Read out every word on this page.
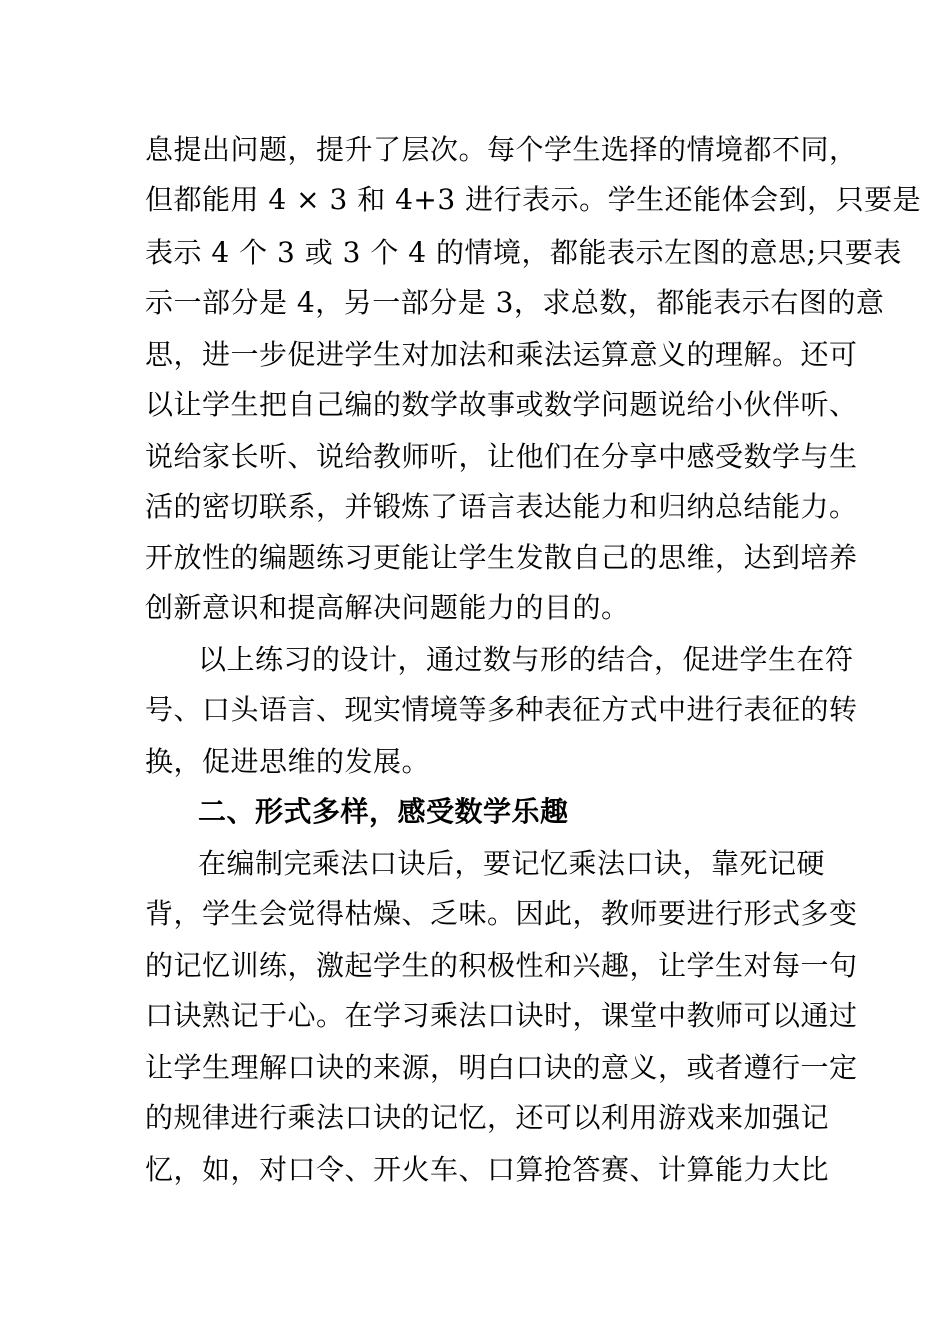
息提出问题，提升了层次。每个学生选择的情境都不同，
但都能用 4 × 3 和 4+3 进行表示。学生还能体会到，只要是
表示 4 个 3 或 3 个 4 的情境，都能表示左图的意思;只要表
示一部分是 4，另一部分是 3，求总数，都能表示右图的意
思，进一步促进学生对加法和乘法运算意义的理解。还可
以让学生把自己编的数学故事或数学问题说给小伙伴听、
说给家长听、说给教师听，让他们在分享中感受数学与生
活的密切联系，并锻炼了语言表达能力和归纳总结能力。
开放性的编题练习更能让学生发散自己的思维，达到培养
创新意识和提高解决问题能力的目的。
以上练习的设计，通过数与形的结合，促进学生在符
号、口头语言、现实情境等多种表征方式中进行表征的转
换，促进思维的发展。
二、形式多样，感受数学乐趣
在编制完乘法口诀后，要记忆乘法口诀，靠死记硬
背，学生会觉得枯燥、乏味。因此，教师要进行形式多变
的记忆训练，激起学生的积极性和兴趣，让学生对每一句
口诀熟记于心。在学习乘法口诀时，课堂中教师可以通过
让学生理解口诀的来源，明白口诀的意义，或者遵行一定
的规律进行乘法口诀的记忆，还可以利用游戏来加强记
忆，如，对口令、开火车、口算抢答赛、计算能力大比
